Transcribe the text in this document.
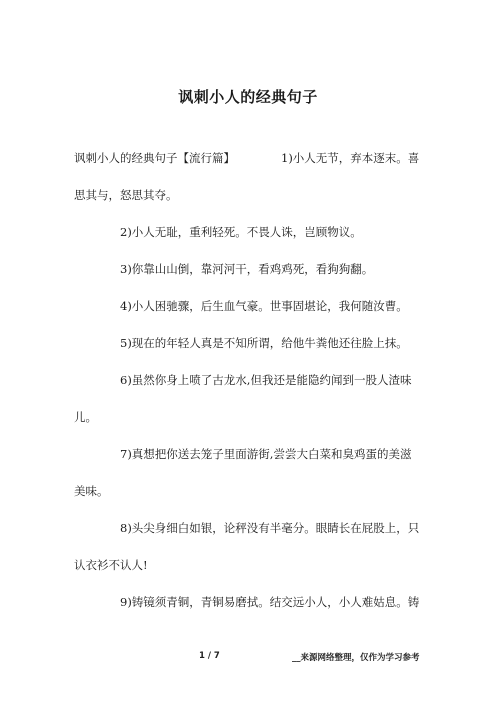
讽刺小人的经典句子

讽刺小人的经典句子【流行篇】	1)小人无节，弃本逐末。喜

思其与，怒思其夺。

2)小人无耻，重利轻死。不畏人诛，岂顾物议。

3)你靠山山倒，靠河河干，看鸡鸡死，看狗狗翻。

4)小人困驰骤，后生血气豪。世事固堪论，我何随汝曹。

5)现在的年轻人真是不知所谓，给他牛粪他还往脸上抹。

6)虽然你身上喷了古龙水,但我还是能隐约闻到一股人渣味

儿。

7)真想把你送去笼子里面游街,尝尝大白菜和臭鸡蛋的美滋

美味。

8)头尖身细白如银，论秤没有半毫分。眼睛长在屁股上，只

认衣衫不认人!

9)铸镜须青铜，青铜易磨拭。结交远小人，小人难姑息。铸

1 / 7	__来源网络整理，仅作为学习参考
